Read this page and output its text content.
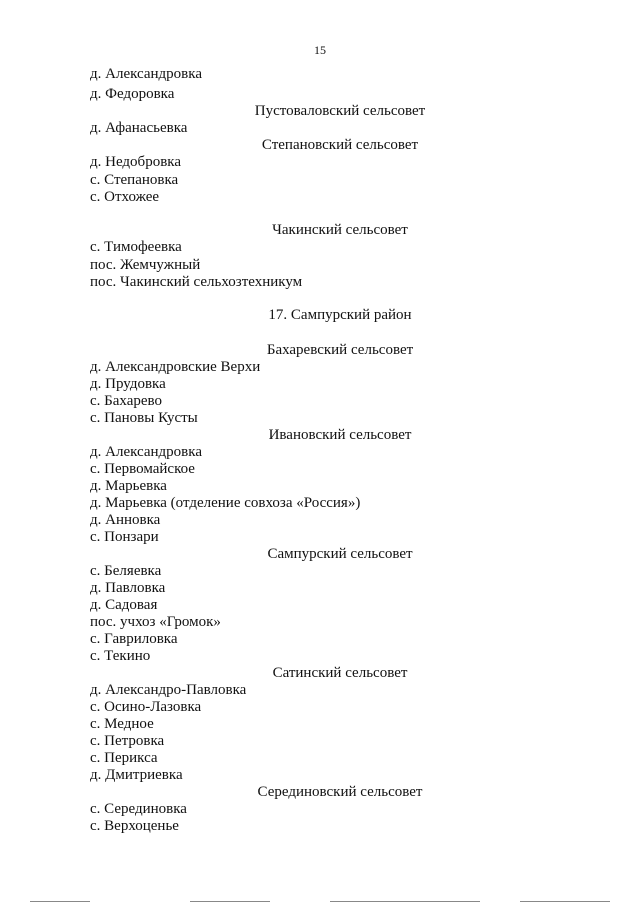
15
д. Александровка
д. Федоровка
Пустоваловский сельсовет
д. Афанасьевка
Степановский сельсовет
д. Недобровка
с. Степановка
с. Отхожее
Чакинский сельсовет
с. Тимофеевка
пос. Жемчужный
пос. Чакинский сельхозтехникум
17. Сампурский район
Бахаревский сельсовет
д. Александровские Верхи
д. Прудовка
с. Бахарево
с. Пановы Кусты
Ивановский сельсовет
д. Александровка
с. Первомайское
д. Марьевка
д. Марьевка (отделение совхоза «Россия»)
д. Анновка
с. Понзари
Сампурский сельсовет
с. Беляевка
д. Павловка
д. Садовая
пос. учхоз «Громок»
с. Гавриловка
с. Текино
Сатинский сельсовет
д. Александро-Павловка
с. Осино-Лазовка
с. Медное
с. Петровка
с. Перикса
д. Дмитриевка
Серединовский сельсовет
с. Серединовка
с. Верхоценье
